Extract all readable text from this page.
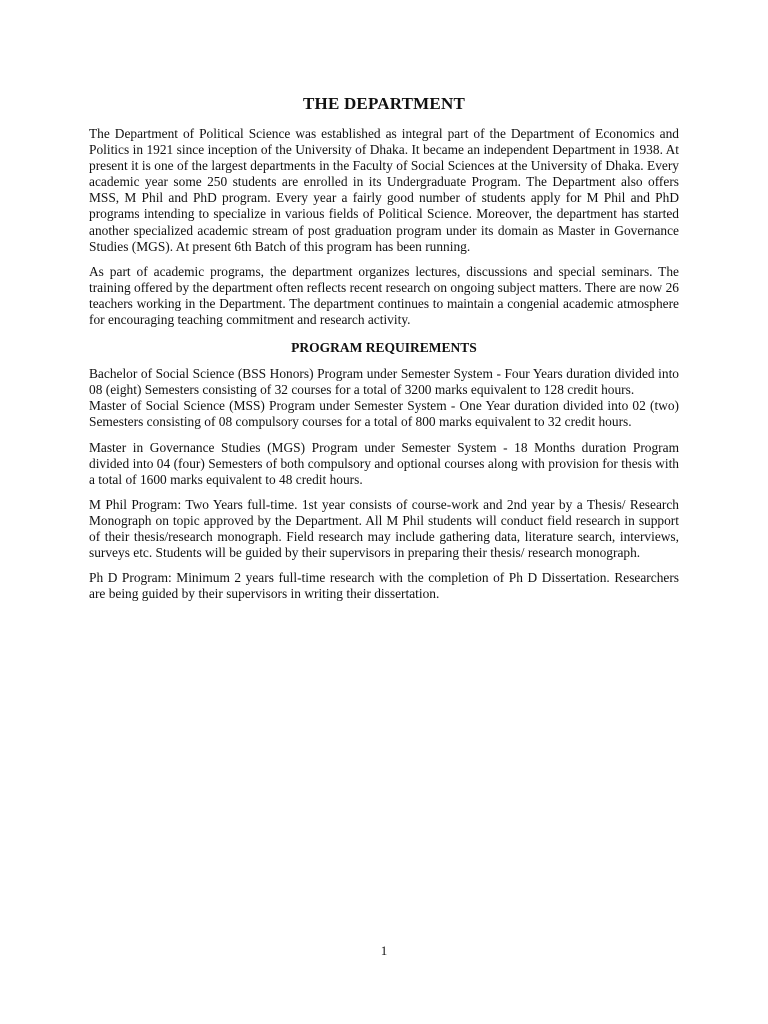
THE DEPARTMENT

The Department of Political Science was established as integral part of the Department of Economics and Politics in 1921 since inception of the University of Dhaka. It became an independent Department in 1938. At present it is one of the largest departments in the Faculty of Social Sciences at the University of Dhaka. Every academic year some 250 students are enrolled in its Undergraduate Program. The Department also offers MSS, M Phil and PhD program. Every year a fairly good number of students apply for M Phil and PhD programs intending to specialize in various fields of Political Science. Moreover, the department has started another specialized academic stream of post graduation program under its domain as Master in Governance Studies (MGS). At present 6th Batch of this program has been running.

As part of academic programs, the department organizes lectures, discussions and special seminars. The training offered by the department often reflects recent research on ongoing subject matters. There are now 26 teachers working in the Department. The department continues to maintain a congenial academic atmosphere for encouraging teaching commitment and research activity.

PROGRAM REQUIREMENTS

Bachelor of Social Science (BSS Honors) Program under Semester System - Four Years duration divided into 08 (eight) Semesters consisting of 32 courses for a total of 3200 marks equivalent to 128 credit hours.

Master of Social Science (MSS) Program under Semester System - One Year duration divided into 02 (two) Semesters consisting of 08 compulsory courses for a total of 800 marks equivalent to 32 credit hours.

Master in Governance Studies (MGS) Program under Semester System - 18 Months duration Program divided into 04 (four) Semesters of both compulsory and optional courses along with provision for thesis with a total of 1600 marks equivalent to 48 credit hours.

M Phil Program: Two Years full-time. 1st year consists of course-work and 2nd year by a Thesis/ Research Monograph on topic approved by the Department. All M Phil students will conduct field research in support of their thesis/research monograph. Field research may include gathering data, literature search, interviews, surveys etc. Students will be guided by their supervisors in preparing their thesis/ research monograph.

Ph D Program: Minimum 2 years full-time research with the completion of Ph D Dissertation. Researchers are being guided by their supervisors in writing their dissertation.

1
